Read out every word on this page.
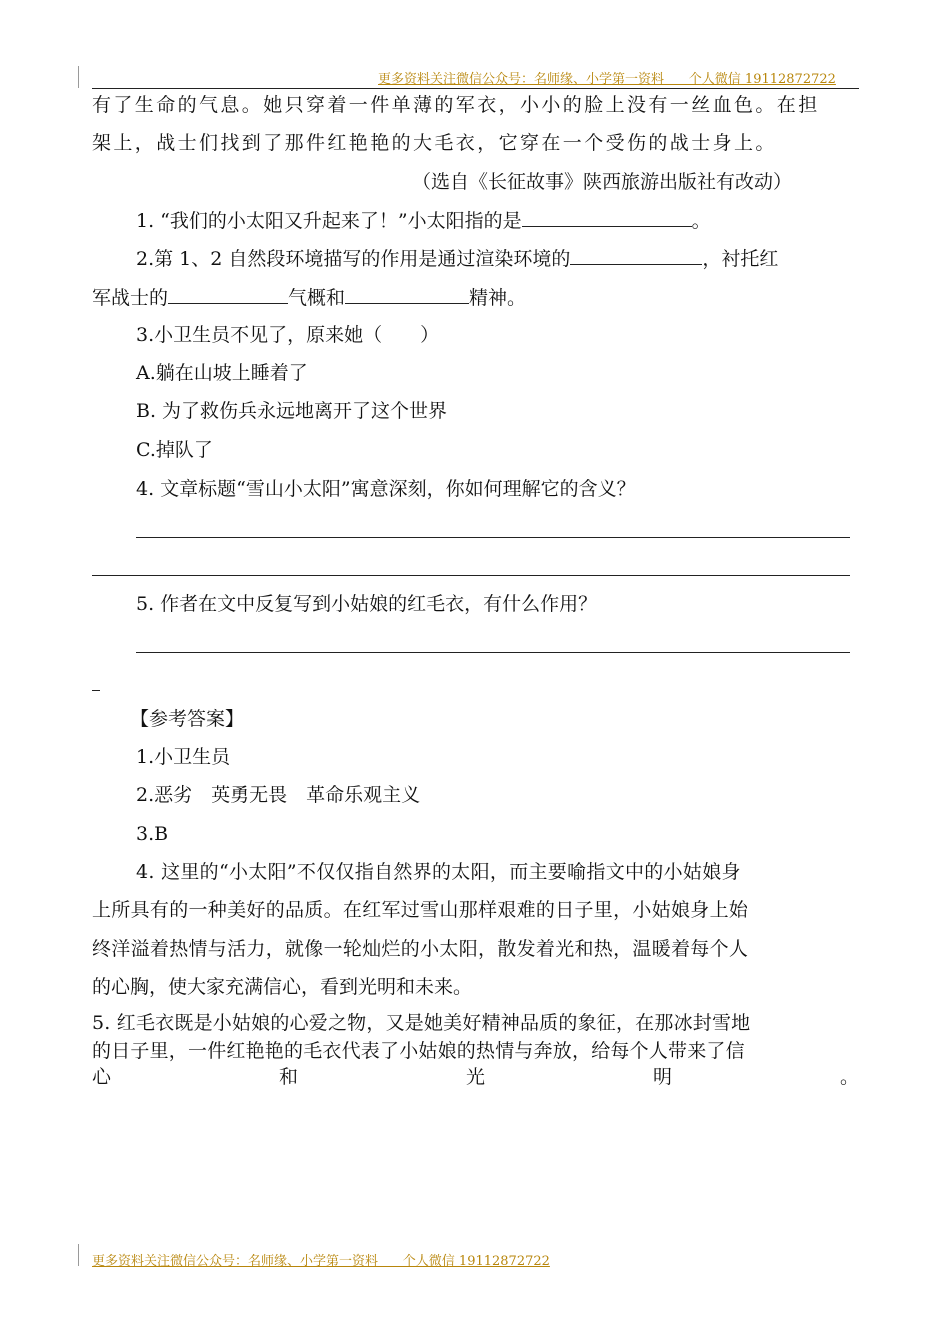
更多资料关注微信公众号：名师缘、小学第一资料      个人微信 19112872722
有了生命的气息。她只穿着一件单薄的军衣，小小的脸上没有一丝血色。在担
架上，战士们找到了那件红艳艳的大毛衣，它穿在一个受伤的战士身上。
（选自《长征故事》陕西旅游出版社有改动）
1. “我们的小太阳又升起来了！”小太阳指的是	。
2.第 1、2 自然段环境描写的作用是通过渲染环境的	，衬托红
军战士的	气概和	精神。
3.小卫生员不见了，原来她（　　）
A.躺在山坡上睡着了
B. 为了救伤兵永远地离开了这个世界
C.掉队了
4. 文章标题“雪山小太阳”寓意深刻，你如何理解它的含义？
5. 作者在文中反复写到小姑娘的红毛衣，有什么作用？
【参考答案】
1.小卫生员
2.恶劣　英勇无畏　革命乐观主义
3.B
4. 这里的“小太阳”不仅仅指自然界的太阳，而主要喻指文中的小姑娘身
上所具有的一种美好的品质。在红军过雪山那样艰难的日子里，小姑娘身上始
终洋溢着热情与活力，就像一轮灿烂的小太阳，散发着光和热，温暖着每个人
的心胸，使大家充满信心，看到光明和未来。
5. 红毛衣既是小姑娘的心爱之物，又是她美好精神品质的象征，在那冰封雪地
的日子里，一件红艳艳的毛衣代表了小姑娘的热情与奔放，给每个人带来了信
心	和	光	明	。
更多资料关注微信公众号：名师缘、小学第一资料      个人微信 19112872722
